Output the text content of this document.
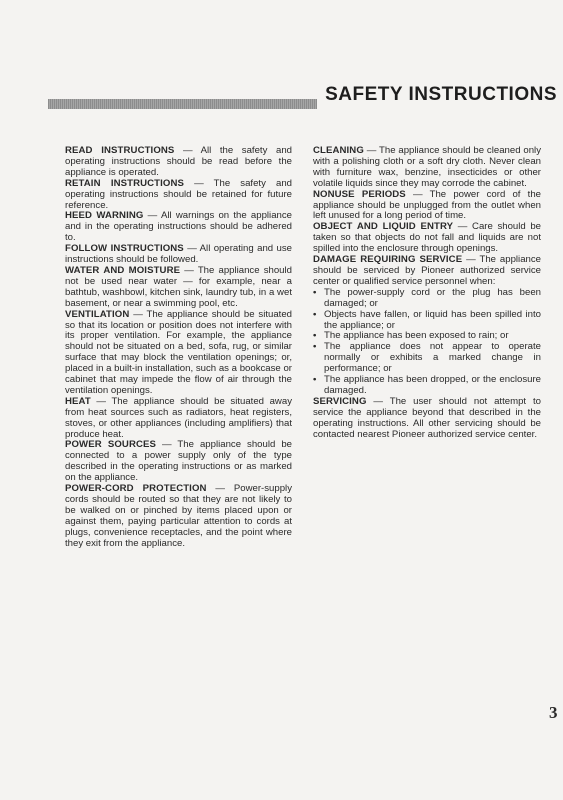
SAFETY INSTRUCTIONS

READ INSTRUCTIONS — All the safety and operating instructions should be read before the appliance is operated.

RETAIN INSTRUCTIONS — The safety and operating instructions should be retained for future reference.

HEED WARNING — All warnings on the appliance and in the operating instructions should be adhered to.

FOLLOW INSTRUCTIONS — All operating and use instructions should be followed.

WATER AND MOISTURE — The appliance should not be used near water — for example, near a bathtub, washbowl, kitchen sink, laundry tub, in a wet basement, or near a swimming pool, etc.

VENTILATION — The appliance should be situated so that its location or position does not interfere with its proper ventilation. For example, the appliance should not be situated on a bed, sofa, rug, or similar surface that may block the ventilation openings; or, placed in a built-in installation, such as a bookcase or cabinet that may impede the flow of air through the ventilation openings.

HEAT — The appliance should be situated away from heat sources such as radiators, heat registers, stoves, or other appliances (including amplifiers) that produce heat.

POWER SOURCES — The appliance should be connected to a power supply only of the type described in the operating instructions or as marked on the appliance.

POWER-CORD PROTECTION — Power-supply cords should be routed so that they are not likely to be walked on or pinched by items placed upon or against them, paying particular attention to cords at plugs, convenience receptacles, and the point where they exit from the appliance.

CLEANING — The appliance should be cleaned only with a polishing cloth or a soft dry cloth. Never clean with furniture wax, benzine, insecticides or other volatile liquids since they may corrode the cabinet.

NONUSE PERIODS — The power cord of the appliance should be unplugged from the outlet when left unused for a long period of time.

OBJECT AND LIQUID ENTRY — Care should be taken so that objects do not fall and liquids are not spilled into the enclosure through openings.

DAMAGE REQUIRING SERVICE — The appliance should be serviced by Pioneer authorized service center or qualified service personnel when:

• The power-supply cord or the plug has been damaged; or
• Objects have fallen, or liquid has been spilled into the appliance; or
• The appliance has been exposed to rain; or
• The appliance does not appear to operate normally or exhibits a marked change in performance; or
• The appliance has been dropped, or the enclosure damaged.

SERVICING — The user should not attempt to service the appliance beyond that described in the operating instructions. All other servicing should be contacted nearest Pioneer authorized service center.

3
